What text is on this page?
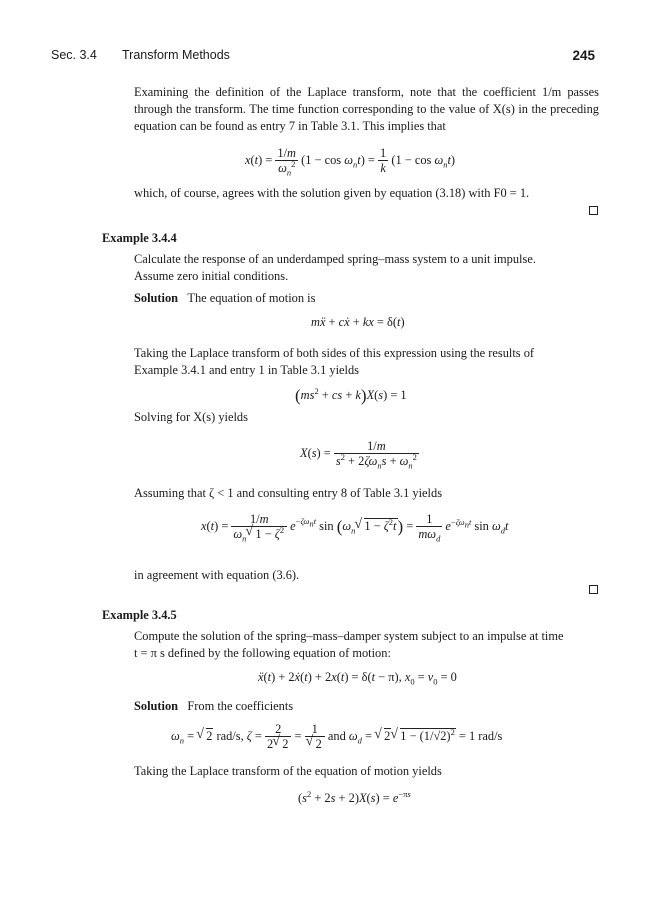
Sec. 3.4 Transform Methods	245

Examining the definition of the Laplace transform, note that the coefficient 1/m passes through the transform. The time function corresponding to the value of X(s) in the preceding equation can be found as entry 7 in Table 3.1. This implies that

$x(t) = \frac{1/m}{\omega_n^2} (1 - \cos \omega_nt) = \frac{1}{k} (1 - \cos \omega_nt)$

which, of course, agrees with the solution given by equation (3.18) with F0 = 1.

Example 3.4.4

Calculate the response of an underdamped spring–mass system to a unit impulse.

Assume zero initial conditions.

Solution The equation of motion is

mẍ + cẋ + kx = δ(t)

Taking the Laplace transform of both sides of this expression using the results of

Example 3.4.1 and entry 1 in Table 3.1 yields

($ms^2$ + cs + k)X(s) = 1

Solving for X(s) yields

$X(s) = \frac{1/m}{s^2 + 2\zeta\omega_ns + \omega_n^2}$

Assuming that ζ < 1 and consulting entry 8 of Table 3.1 yields

$x(t) = \frac{1/m}{\omega_n√ 1 - \zeta^2} e^{-\zeta\omega_nt}$ $\sin (\omega_n√$ $1 - \zeta^2t) = \frac{1}{m\omega_d} e^{-\zeta\omega_nt}$ $\sin \omega_dt$

in agreement with equation (3.6).

Example 3.4.5

Compute the solution of the spring–mass–damper system subject to an impulse at time

t = π s defined by the following equation of motion:

ẍ(t) + 2ẋ(t) + 2x(t) = δ(t − π), $x_0 = v_0 = 0$

Solution From the coefficients

$\omega_n$ = √ 2 rad/s, $\zeta = \frac{2}{2√ 2} = 1$
√ 2 and $\omega_d$ = √ 2√ $1 - (1/√2)^2 = 1$ rad/s

Taking the Laplace transform of the equation of motion yields

$(s^2 + 2s + 2)X(s) = e^{-\pi s}$
